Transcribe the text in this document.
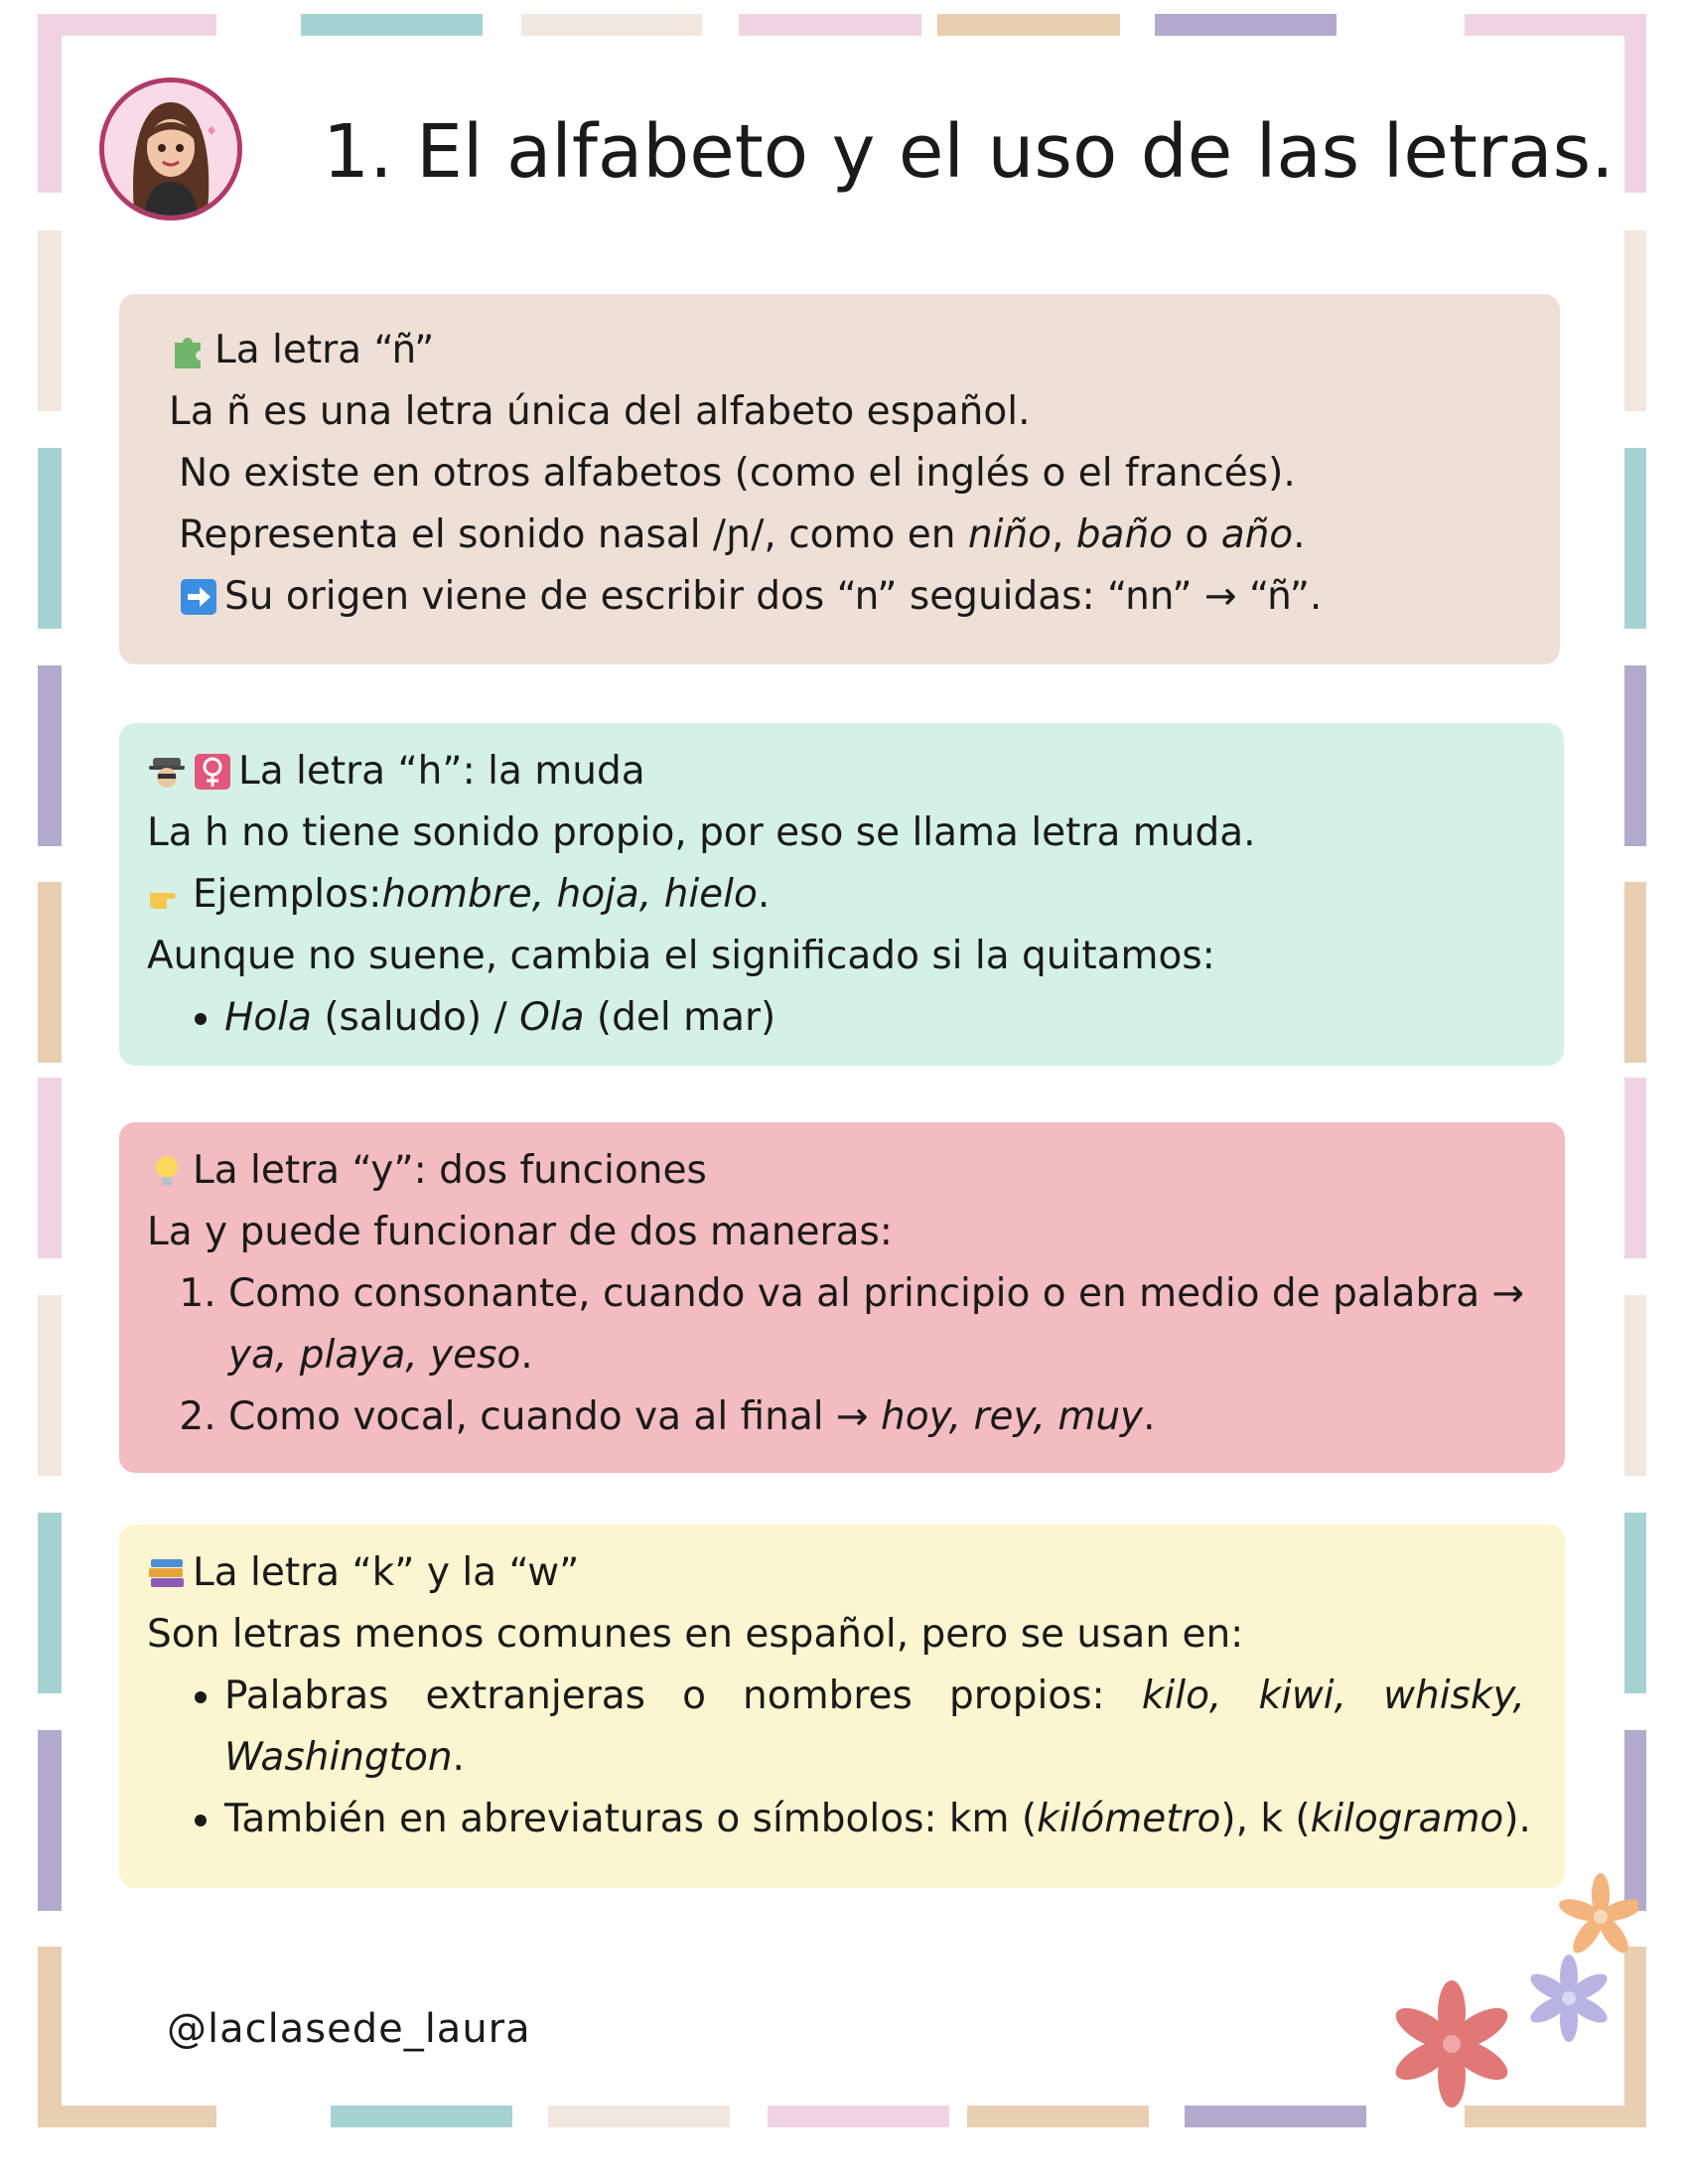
1. El alfabeto y el uso de las letras.

La letra “ñ”

La ñ es una letra única del alfabeto español.

No existe en otros alfabetos (como el inglés o el francés).

Representa el sonido nasal /ɲ/, como en niño, baño o año.

Su origen viene de escribir dos “n” seguidas: “nn” → “ñ”.

La letra “h”: la muda

La h no tiene sonido propio, por eso se llama letra muda.

Ejemplos: hombre, hoja, hielo .

Aunque no suene, cambia el significado si la quitamos:

• Hola (saludo) / Ola (del mar)

La letra “y”: dos funciones

La y puede funcionar de dos maneras:

1. Como consonante, cuando va al principio o en medio de palabra →
ya, playa, yeso.
2. Como vocal, cuando va al final → hoy, rey, muy.

La letra “k” y la “w”

Son letras menos comunes en español, pero se usan en:

• Palabras extranjeras o nombres propios: kilo, kiwi, whisky,

Washington.
• También en abreviaturas o símbolos: km (kilómetro), k (kilogramo).
@laclasede_laura
